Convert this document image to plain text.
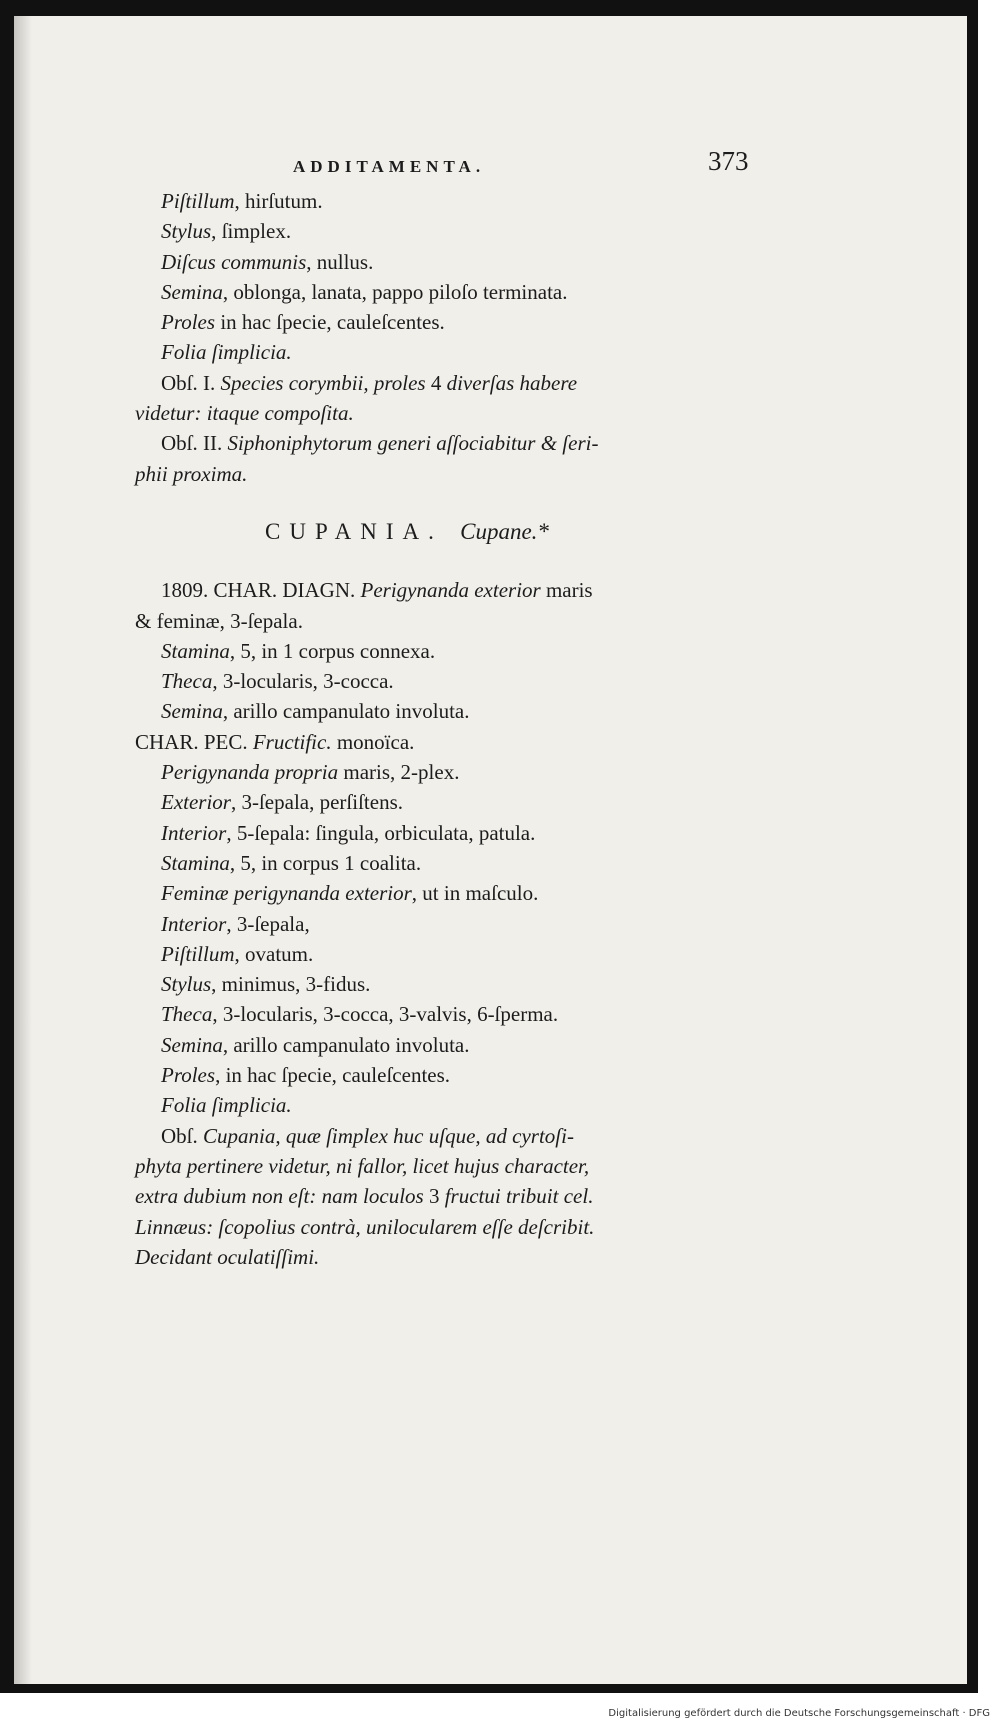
ADDITAMENTA.	373
Piſtillum, hirſutum.
Stylus, ſimplex.
Diſcus communis, nullus.
Semina, oblonga, lanata, pappo piloſo terminata.
Proles in hac ſpecie, cauleſcentes.
Folia ſimplicia.
Obſ. I. Species corymbii, proles 4 diverſas habere
videtur: itaque compoſita.
Obſ. II. Siphoniphytorum generi aſſociabitur & ſeri-
phii proxima.
CUPANIA. Cupane.*
1809. CHAR. DIAGN. Perigynanda exterior maris
& feminæ, 3-ſepala.
Stamina, 5, in 1 corpus connexa.
Theca, 3-locularis, 3-cocca.
Semina, arillo campanulato involuta.
CHAR. PEC. Fructific. monoïca.
Perigynanda propria maris, 2-plex.
Exterior, 3-ſepala, perſiſtens.
Interior, 5-ſepala: ſingula, orbiculata, patula.
Stamina, 5, in corpus 1 coalita.
Feminæ perigynanda exterior, ut in maſculo.
Interior, 3-ſepala,
Piſtillum, ovatum.
Stylus, minimus, 3-fidus.
Theca, 3-locularis, 3-cocca, 3-valvis, 6-ſperma.
Semina, arillo campanulato involuta.
Proles, in hac ſpecie, cauleſcentes.
Folia ſimplicia.
Obſ. Cupania, quæ ſimplex huc uſque, ad cyrtoſi-
phyta pertinere videtur, ni fallor, licet hujus character,
extra dubium non eſt: nam loculos 3 fructui tribuit cel.
Linnæus: ſcopolius contrà, unilocularem eſſe deſcribit.
Decidant oculatiſſimi.
Digitalisierung gefördert durch die Deutsche Forschungsgemeinschaft · DFG
